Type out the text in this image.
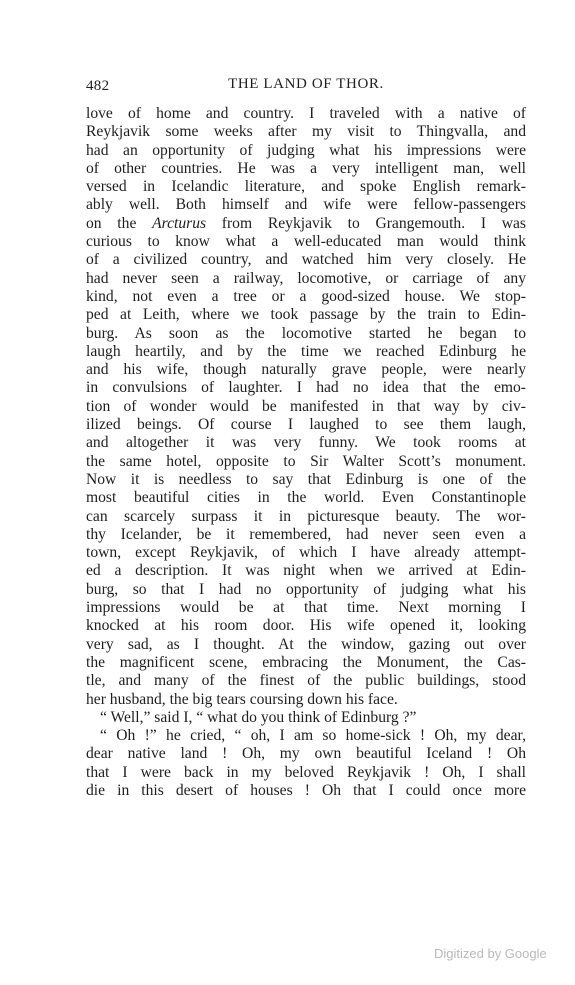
482	THE LAND OF THOR.
love of home and country. I traveled with a native of
Reykjavik some weeks after my visit to Thingvalla, and
had an opportunity of judging what his impressions were
of other countries. He was a very intelligent man, well
versed in Icelandic literature, and spoke English remark-
ably well. Both himself and wife were fellow-passengers
on the Arcturus from Reykjavik to Grangemouth. I was
curious to know what a well-educated man would think
of a civilized country, and watched him very closely. He
had never seen a railway, locomotive, or carriage of any
kind, not even a tree or a good-sized house. We stop-
ped at Leith, where we took passage by the train to Edin-
burg. As soon as the locomotive started he began to
laugh heartily, and by the time we reached Edinburg he
and his wife, though naturally grave people, were nearly
in convulsions of laughter. I had no idea that the emo-
tion of wonder would be manifested in that way by civ-
ilized beings. Of course I laughed to see them laugh,
and altogether it was very funny. We took rooms at
the same hotel, opposite to Sir Walter Scott’s monument.
Now it is needless to say that Edinburg is one of the
most beautiful cities in the world. Even Constantinople
can scarcely surpass it in picturesque beauty. The wor-
thy Icelander, be it remembered, had never seen even a
town, except Reykjavik, of which I have already attempt-
ed a description. It was night when we arrived at Edin-
burg, so that I had no opportunity of judging what his
impressions would be at that time. Next morning I
knocked at his room door. His wife opened it, looking
very sad, as I thought. At the window, gazing out over
the magnificent scene, embracing the Monument, the Cas-
tle, and many of the finest of the public buildings, stood
her husband, the big tears coursing down his face.
“ Well,” said I, “ what do you think of Edinburg ?”
“ Oh !” he cried, “ oh, I am so home-sick ! Oh, my dear,
dear native land ! Oh, my own beautiful Iceland ! Oh
that I were back in my beloved Reykjavik ! Oh, I shall
die in this desert of houses ! Oh that I could once more
Digitized by Google
